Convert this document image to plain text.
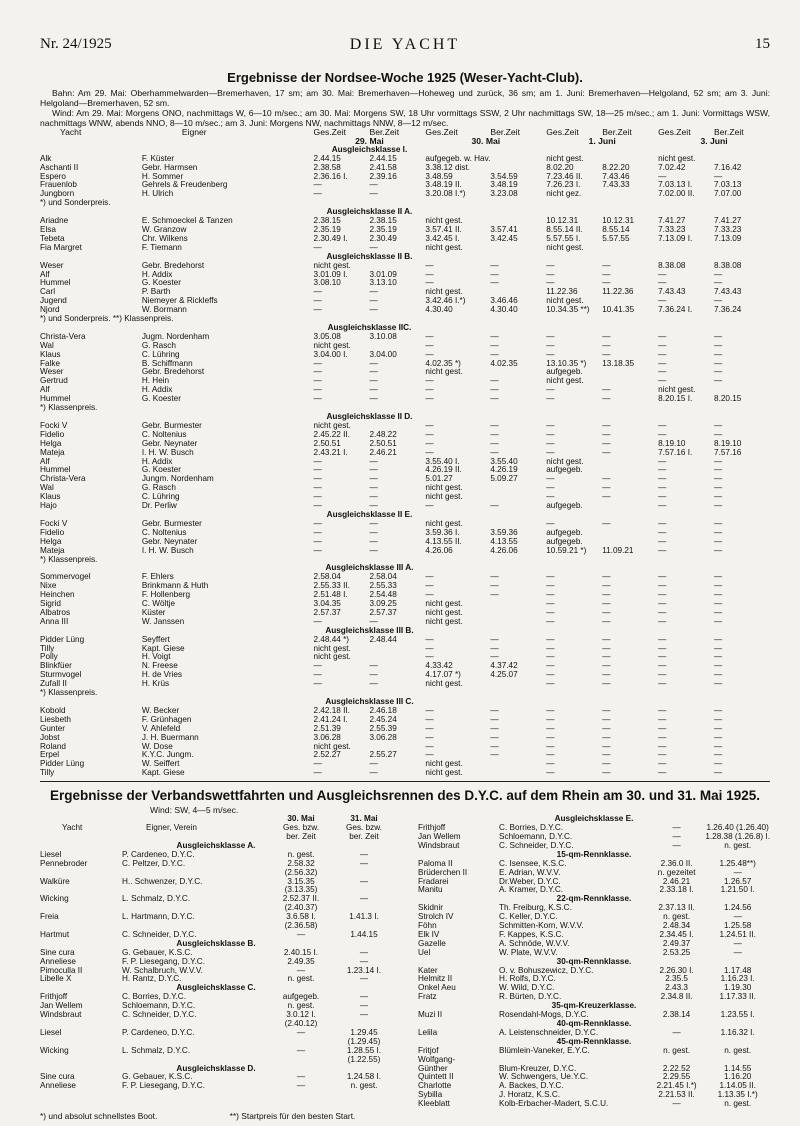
Nr. 24/1925	DIE YACHT	15
Ergebnisse der Nordsee-Woche 1925 (Weser-Yacht-Club).
Bahn: Am 29. Mai: Oberhammelwarden—Bremerhaven, 17 sm; am 30. Mai: Bremerhaven—Hoheweg und zurück, 36 sm; am 1. Juni: Bremerhaven—Helgoland, 52 sm; am 3. Juni: Helgoland—Bremerhaven, 52 sm.
Wind: Am 29. Mai: Morgens ONO, nachmittags W, 6—10 m/sec.; am 30. Mai: Morgens SW, 18 Uhr vormittags SSW, 2 Uhr nachmittags SW, 18—25 m/sec.; am 1. Juni: Vormittags WSW, nachmittags WNW, abends NNO, 8—10 m/sec.; am 3. Juni: Morgens NW, nachmittags NNW, 8—12 m/sec.
Yacht	Eigner	Ges.Zeit	Ber.Zeit	Ges.Zeit	Ber.Zeit	Ges.Zeit	Ber.Zeit	Ges.Zeit	Ber.Zeit
		29. Mai		30. Mai		1. Juni		3. Juni	
		Ausgleichsklasse I.							
Alk	F. Küster	2.44.15	2.44.15	aufgegeb. w. Hav.		nicht gest.		nicht gest.	
Aschanti II	Gebr. Harmsen	2.38.58	2.41.58	3.38.12 dist.		8.02.20	8.22.20	7.02.42	7.16.42
Espero	H. Sommer	2.36.16 I.	2.39.16	3.48.59	3.54.59	7.23.46 II.	7.43.46	—	—
Frauenlob	Gehrels & Freudenberg	—	—	3.48.19 II.	3.48.19	7.26.23 I.	7.43.33	7.03.13 I.	7.03.13
Jungborn	H. Ulrich	—	—	3.20.08 I.*)	3.23.08	nicht gez.		7.02.00 II.	7.07.00
*) und Sonderpreis.									
		Ausgleichsklasse II A.							
Ariadne	E. Schmoeckel & Tanzen	2.38.15	2.38.15	nicht gest.		10.12.31	10.12.31	7.41.27	7.41.27
Elsa	W. Granzow	2.35.19	2.35.19	3.57.41 II.	3.57.41	8.55.14 II.	8.55.14	7.33.23	7.33.23
Tebeta	Chr. Wilkens	2.30.49 I.	2.30.49	3.42.45 I.	3.42.45	5.57.55 I.	5.57.55	7.13.09 I.	7.13.09
Fia Margret	F. Tiemann	—	—	nicht gest.		nicht gest.			
		Ausgleichsklasse II B.							
Weser	Gebr. Bredehorst	nicht gest.		—	—	—	—	8.38.08	8.38.08
Alf	H. Addix	3.01.09 I.	3.01.09	—	—	—	—	—	—
Hummel	G. Koester	3.08.10	3.13.10	—	—	—	—	—	—
Carl	P. Barth	—	—	nicht gest.		11.22.36	11.22.36	7.43.43	7.43.43
Jugend	Niemeyer & Rickleffs	—	—	3.42.46 I.*)	3.46.46	nicht gest.		—	—
Njord	W. Bormann	—	—	4.30.40	4.30.40	10.34.35 **)	10.41.35	7.36.24 I.	7.36.24
*) und Sonderpreis. **) Klassenpreis.									
		Ausgleichsklasse IIC.							
Christa-Vera	Jugm. Nordenham	3.05.08	3.10.08	—	—	—	—	—	—
Wal	G. Rasch	nicht gest.		—	—	—	—	—	—
Klaus	C. Lühring	3.04.00 I.	3.04.00	—	—	—	—	—	—
Falke	B. Schiffmann	—	—	4.02.35 *)	4.02.35	13.10.35 *)	13.18.35	—	—
Weser	Gebr. Bredehorst	—	—	nicht gest.		aufgegeb.		—	—
Gertrud	H. Hein	—	—	—	—	nicht gest.		—	—
Alf	H. Addix	—	—	—	—	—	—	nicht gest.	
Hummel	G. Koester	—	—	—	—	—	—	8.20.15 I.	8.20.15
*) Klassenpreis.									
		Ausgleichsklasse II D.							
Focki V	Gebr. Burmester	nicht gest.		—	—	—	—	—	—
Fidelio	C. Noltenius	2.45.22 II.	2.48.22	—	—	—	—	—	—
Helga	Gebr. Neynater	2.50.51	2.50.51	—	—	—	—	8.19.10	8.19.10
Mateja	I. H. W. Busch	2.43.21 I.	2.46.21	—	—	—	—	7.57.16 I.	7.57.16
Alf	H. Addix	—	—	3.55.40 I.	3.55.40	nicht gest.		—	—
Hummel	G. Koester	—	—	4.26.19 II.	4.26.19	aufgegeb.		—	—
Christa-Vera	Jungm. Nordenham	—	—	5.01.27	5.09.27	—	—	—	—
Wal	G. Rasch	—	—	nicht gest.		—	—	—	—
Klaus	C. Lühring	—	—	nicht gest.		—	—	—	—
Hajo	Dr. Perliw	—	—	—	—	aufgegeb.		—	—
		Ausgleichsklasse II E.							
Focki V	Gebr. Burmester	—	—	nicht gest.		—	—	—	—
Fidelio	C. Noltenius	—	—	3.59.36 I.	3.59.36	aufgegeb.		—	—
Helga	Gebr. Neynater	—	—	4.13.55 II.	4.13.55	aufgegeb.		—	—
Mateja	I. H. W. Busch	—	—	4.26.06	4.26.06	10.59.21 *)	11.09.21	—	—
*) Klassenpreis.									
		Ausgleichsklasse III A.							
Sommervogel	F. Ehlers	2.58.04	2.58.04	—	—	—	—	—	—
Nixe	Brinkmann & Huth	2.55.33 II.	2.55.33	—	—	—	—	—	—
Heinchen	F. Hollenberg	2.51.48 I.	2.54.48	—	—	—	—	—	—
Sigrid	C. Wöltje	3.04.35	3.09.25	nicht gest.		—	—	—	—
Albatros	Küster	2.57.37	2.57.37	nicht gest.		—	—	—	—
Anna III	W. Janssen	—	—	nicht gest.		—	—	—	—
		Ausgleichsklasse III B.							
Pidder Lüng	Seyffert	2.48.44 *)	2.48.44	—	—	—	—	—	—
Tilly	Kapt. Giese	nicht gest.		—	—	—	—	—	—
Polly	H. Voigt	nicht gest.		—	—	—	—	—	—
Blinkfüer	N. Freese	—	—	4.33.42	4.37.42	—	—	—	—
Sturmvogel	H. de Vries	—	—	4.17.07 *)	4.25.07	—	—	—	—
Zufall II	H. Krüs	—	—	nicht gest.		—	—	—	—
*) Klassenpreis.									
		Ausgleichsklasse III C.							
Kobold	W. Becker	2.42.18 II.	2.46.18	—	—	—	—	—	—
Liesbeth	F. Grünhagen	2.41.24 I.	2.45.24	—	—	—	—	—	—
Gunter	V. Ahlefeld	2.51.39	2.55.39	—	—	—	—	—	—
Jobst	J. H. Buermann	3.06.28	3.06.28	—	—	—	—	—	—
Roland	W. Dose	nicht gest.		—	—	—	—	—	—
Erpel	K.Y.C. Jungm.	2.52.27	2.55.27	—	—	—	—	—	—
Pidder Lüng	W. Seiffert	—	—	nicht gest.		—	—	—	—
Tilly	Kapt. Giese	—	—	nicht gest.		—	—	—	—
Ergebnisse der Verbandswettfahrten und Ausgleichsrennen des D.Y.C. auf dem Rhein am 30. und 31. Mai 1925.
Wind: SW, 4—5 m/sec.
		30. Mai	31. Mai
Yacht	Eigner, Verein	Ges. bzw.	Ges. bzw.
		ber. Zeit	ber. Zeit
Ausgleichsklasse A.			
Liesel	P. Cardeneo, D.Y.C.	n. gest.	—
Pennebroder	C. Peltzer, D.Y.C.	2.58.32	—
		(2.56.32)	
Walküre	H.. Schwenzer, D.Y.C.	3.15.35	—
		(3.13.35)	
Wicking	L. Schmalz, D.Y.C.	2.52.37 II.	—
		(2.40.37)	
Freia	L. Hartmann, D.Y.C.	3.6.58 I.	1.41.3 I.
		(2.36.58)	
Hartmut	C. Schneider, D.Y.C.	—	1.44.15
Ausgleichsklasse B.			
Sine cura	G. Gebauer, K.S.C.	2.40.15 I.	—
Anneliese	F. P. Liesegang, D.Y.C.	2.49.35	—
Pimoculla II	W. Schalbruch, W.V.V.	—	1.23.14 I.
Libelle X	H. Rantz, D.Y.C.	n. gest.	—
Ausgleichsklasse C.			
Frithjoff	C. Borries, D.Y.C.	aufgegeb.	—
Jan Wellem	Schloemann, D.Y.C.	n. gest.	—
Windsbraut	C. Schneider, D.Y.C.	3.0.12 I.	—
		(2.40.12)	
Liesel	P. Cardeneo, D.Y.C.	—	1.29.45
			(1.29.45)
Wicking	L. Schmalz, D.Y.C.	—	1.28.55 I.
			(1.22.55)
Ausgleichsklasse D.			
Sine cura	G. Gebauer, K.S.C.	—	1.24.58 I.
Anneliese	F. P. Liesegang, D.Y.C.	—	n. gest.
Ausgleichsklasse E.			
Frithjoff	C. Borries, D.Y.C.	—	1.26.40 (1.26.40)
Jan Wellem	Schloemann, D.Y.C.	—	1.28.38 (1.26.8) I.
Windsbraut	C. Schneider, D.Y.C.	—	n. gest.
15-qm-Rennklasse.			
Paloma II	C. Isensee, K.S.C.	2.36.0 II.	1.25.48**)
Brüderchen II	E. Adrian, W.V.V.	n. gezeitet	—
Fradarei	Dr.Weber, D.Y.C.	2.46.21	1.26.57
Manitu	A. Kramer, D.Y.C.	2.33.18 I.	1.21.50 I.
22-qm-Rennklasse.			
Skidnir	Th. Freiburg, K.S.C.	2.37.13 II.	1.24.56
Strolch IV	C. Keller, D.Y.C.	n. gest.	—
Föhn	Schmitten-Korn, W.V.V.	2.48.34	1.25.58
Elk IV	F. Kappes, K.S.C.	2.34.45 I.	1.24.51 II.
Gazelle	A. Schnöde, W.V.V.	2.49.37	—
Uel	W. Plate, W.V.V.	2.53.25	—
30-qm-Rennklasse.			
Kater	O. v. Bohuszewicz, D.Y.C.	2.26.30 I.	1.17.48
Helmitz II	H. Rolfs, D.Y.C.	2.35.5	1.16.23 I.
Onkel Aeu	W. Wild, D.Y.C.	2.43.3	1.19.30
Fratz	R. Bürten, D.Y.C.	2.34.8 II.	1.17.33 II.
35-qm-Kreuzerklasse.			
Muzi II	Rosendahl-Mogs, D.Y.C.	2.38.14	1.23.55 I.
40-qm-Rennklasse.			
Lelila	A. Leistenschneider, D.Y.C.	—	1.16.32 I.
45-qm-Rennklasse.			
Fritjof	Blümlein-Vaneker, E.Y.C.	n. gest.	n. gest.
Wolfgang-			
Günther	Blum-Kreuzer, D.Y.C.	2.22.52	1.14.55
Quintett II	W. Schwengers, Ue.Y.C.	2.29.55	1.16.20
Charlotte	A. Backes, D.Y.C.	2.21.45 I.*)	1.14.05 II.
Sybilla	J. Horatz, K.S.C.	2.21.53 II.	1.13.35 I.*)
Kleeblatt	Kolb-Erbacher-Madert, S.C.U.	—	n. gest.
*) und absolut schnellstes Boot.	**) Startpreis für den besten Start.
